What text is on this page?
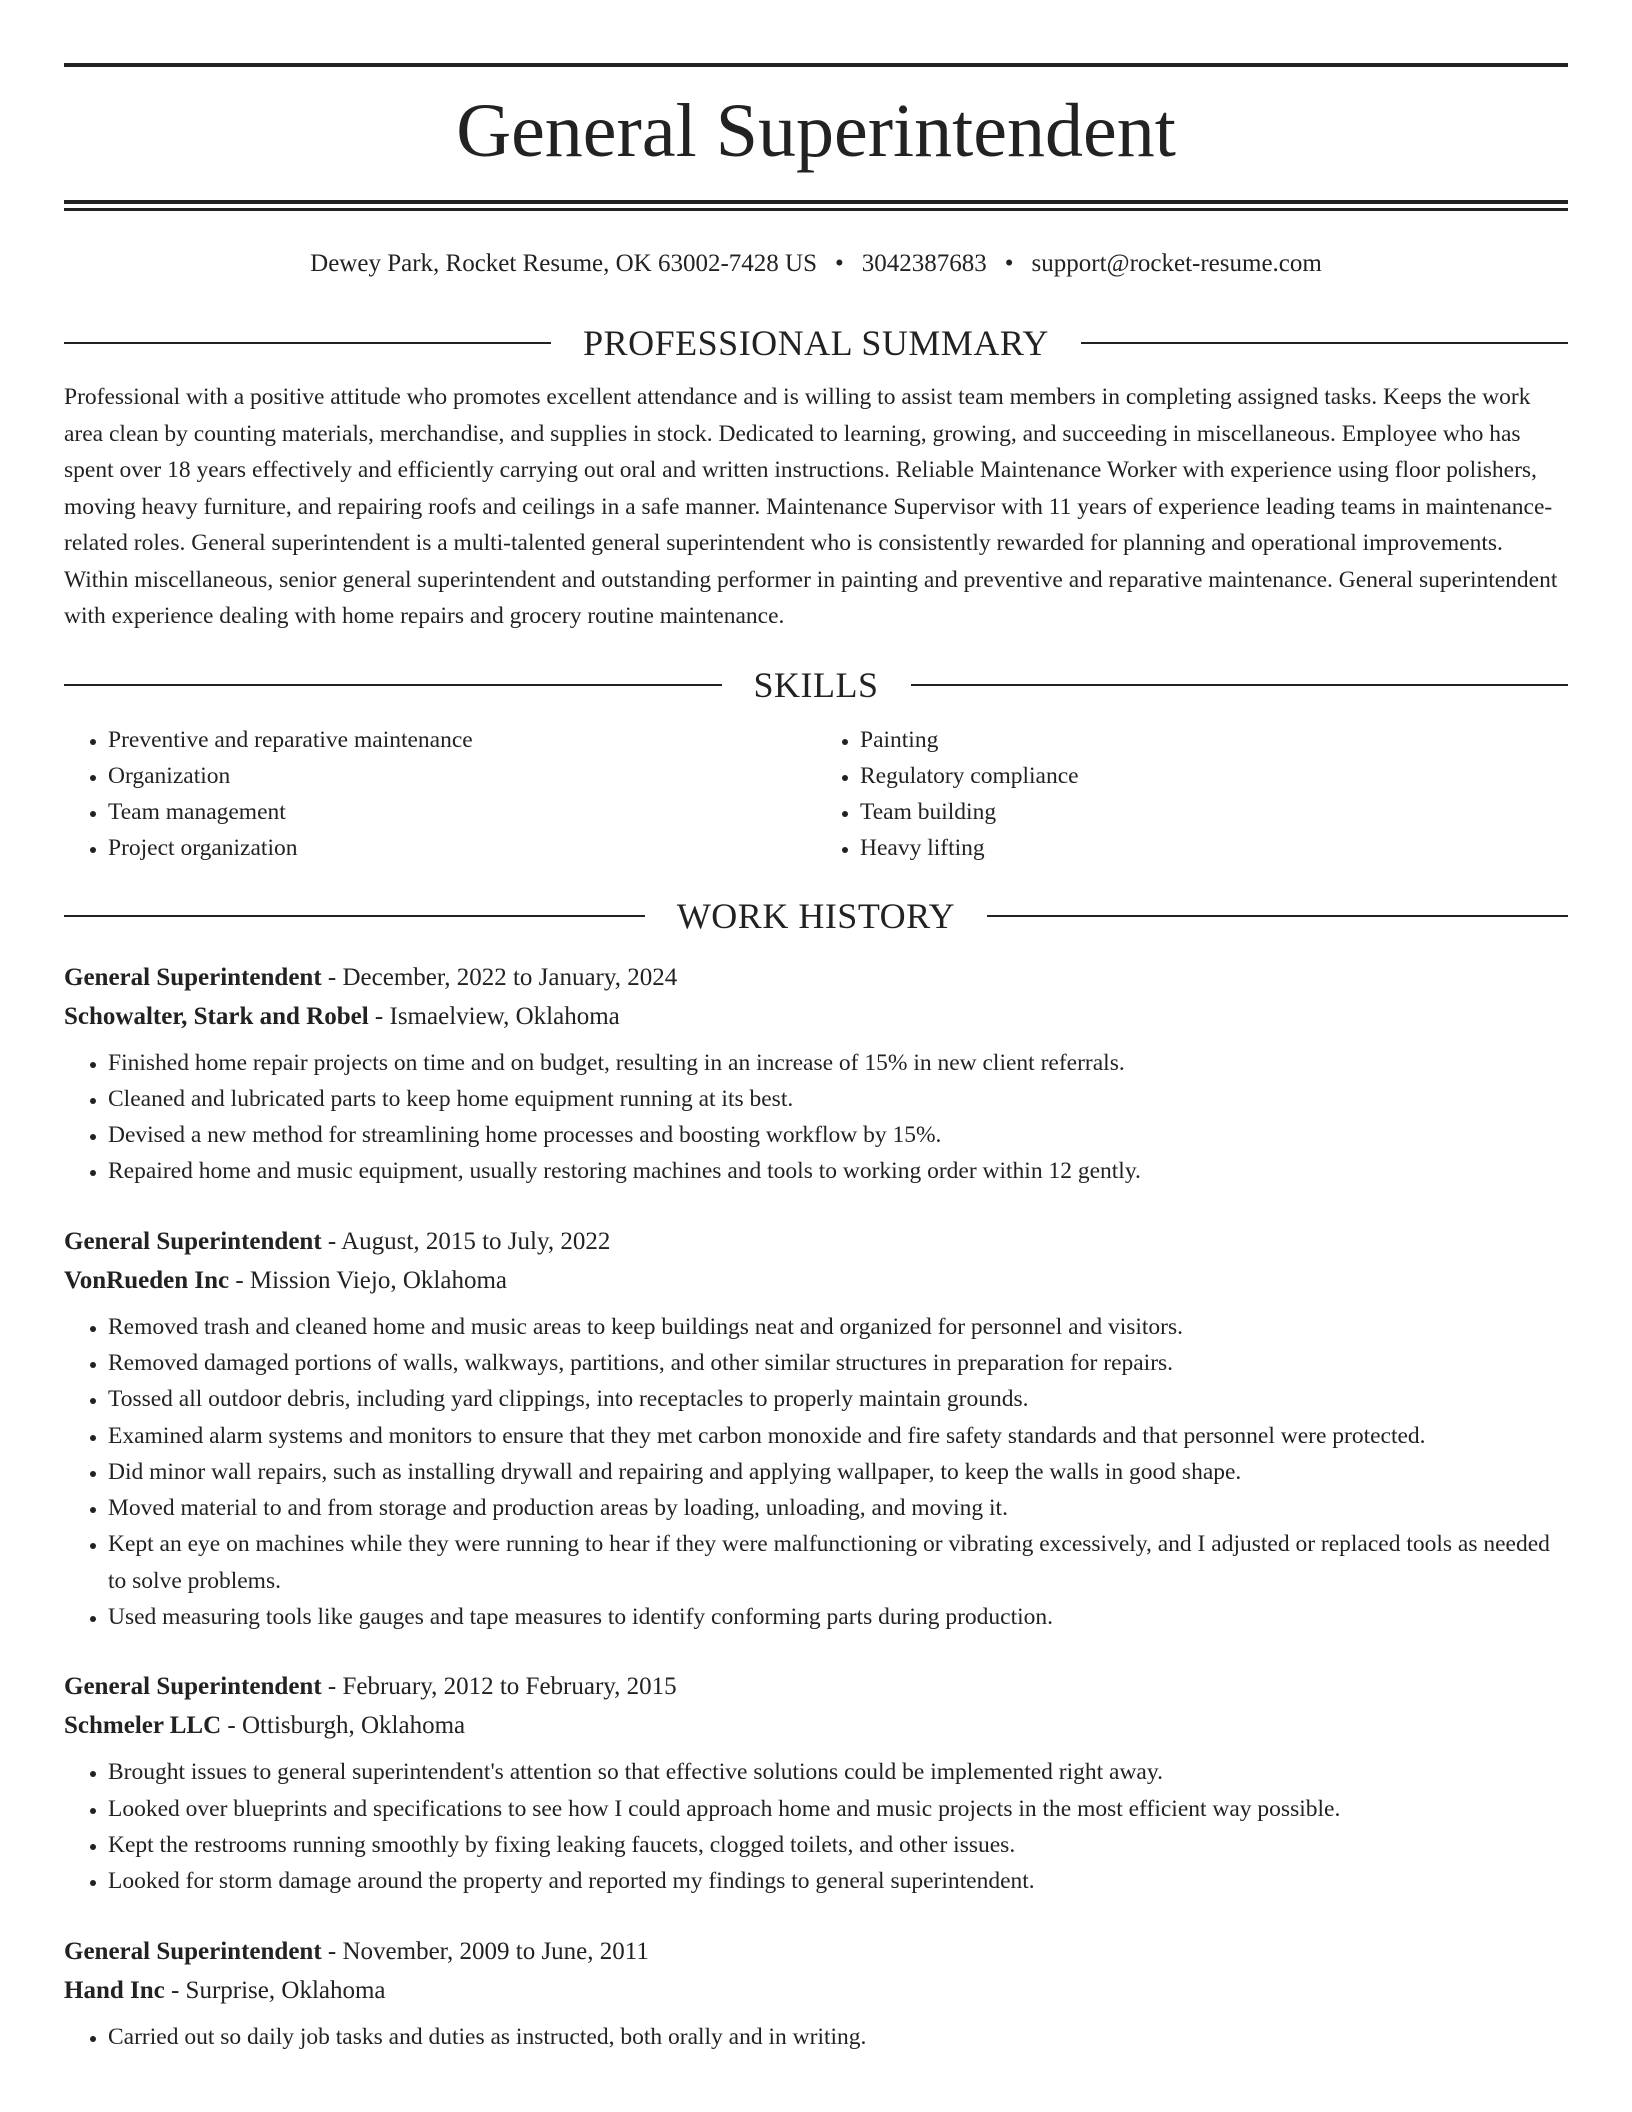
General Superintendent
Dewey Park, Rocket Resume, OK 63002-7428 US • 3042387683 • support@rocket-resume.com
PROFESSIONAL SUMMARY

Professional with a positive attitude who promotes excellent attendance and is willing to assist team members in completing assigned tasks. Keeps the work area clean by counting materials, merchandise, and supplies in stock. Dedicated to learning, growing, and succeeding in miscellaneous. Employee who has spent over 18 years effectively and efficiently carrying out oral and written instructions. Reliable Maintenance Worker with experience using floor polishers, moving heavy furniture, and repairing roofs and ceilings in a safe manner. Maintenance Supervisor with 11 years of experience leading teams in maintenance-related roles. General superintendent is a multi-talented general superintendent who is consistently rewarded for planning and operational improvements. Within miscellaneous, senior general superintendent and outstanding performer in painting and preventive and reparative maintenance. General superintendent with experience dealing with home repairs and grocery routine maintenance.

SKILLS
• Preventive and reparative maintenance
• Organization
• Team management
• Project organization
• Painting
• Regulatory compliance
• Team building
• Heavy lifting
WORK HISTORY
General Superintendent - December, 2022 to January, 2024
Schowalter, Stark and Robel - Ismaelview, Oklahoma
• Finished home repair projects on time and on budget, resulting in an increase of 15% in new client referrals.
• Cleaned and lubricated parts to keep home equipment running at its best.
• Devised a new method for streamlining home processes and boosting workflow by 15%.
• Repaired home and music equipment, usually restoring machines and tools to working order within 12 gently.
General Superintendent - August, 2015 to July, 2022
VonRueden Inc - Mission Viejo, Oklahoma
• Removed trash and cleaned home and music areas to keep buildings neat and organized for personnel and visitors.
• Removed damaged portions of walls, walkways, partitions, and other similar structures in preparation for repairs.
• Tossed all outdoor debris, including yard clippings, into receptacles to properly maintain grounds.
• Examined alarm systems and monitors to ensure that they met carbon monoxide and fire safety standards and that personnel were protected.
• Did minor wall repairs, such as installing drywall and repairing and applying wallpaper, to keep the walls in good shape.
• Moved material to and from storage and production areas by loading, unloading, and moving it.
• Kept an eye on machines while they were running to hear if they were malfunctioning or vibrating excessively, and I adjusted or replaced tools as needed to solve problems.
• Used measuring tools like gauges and tape measures to identify conforming parts during production.
General Superintendent - February, 2012 to February, 2015
Schmeler LLC - Ottisburgh, Oklahoma
• Brought issues to general superintendent's attention so that effective solutions could be implemented right away.
• Looked over blueprints and specifications to see how I could approach home and music projects in the most efficient way possible.
• Kept the restrooms running smoothly by fixing leaking faucets, clogged toilets, and other issues.
• Looked for storm damage around the property and reported my findings to general superintendent.
General Superintendent - November, 2009 to June, 2011
Hand Inc - Surprise, Oklahoma
• Carried out so daily job tasks and duties as instructed, both orally and in writing.
